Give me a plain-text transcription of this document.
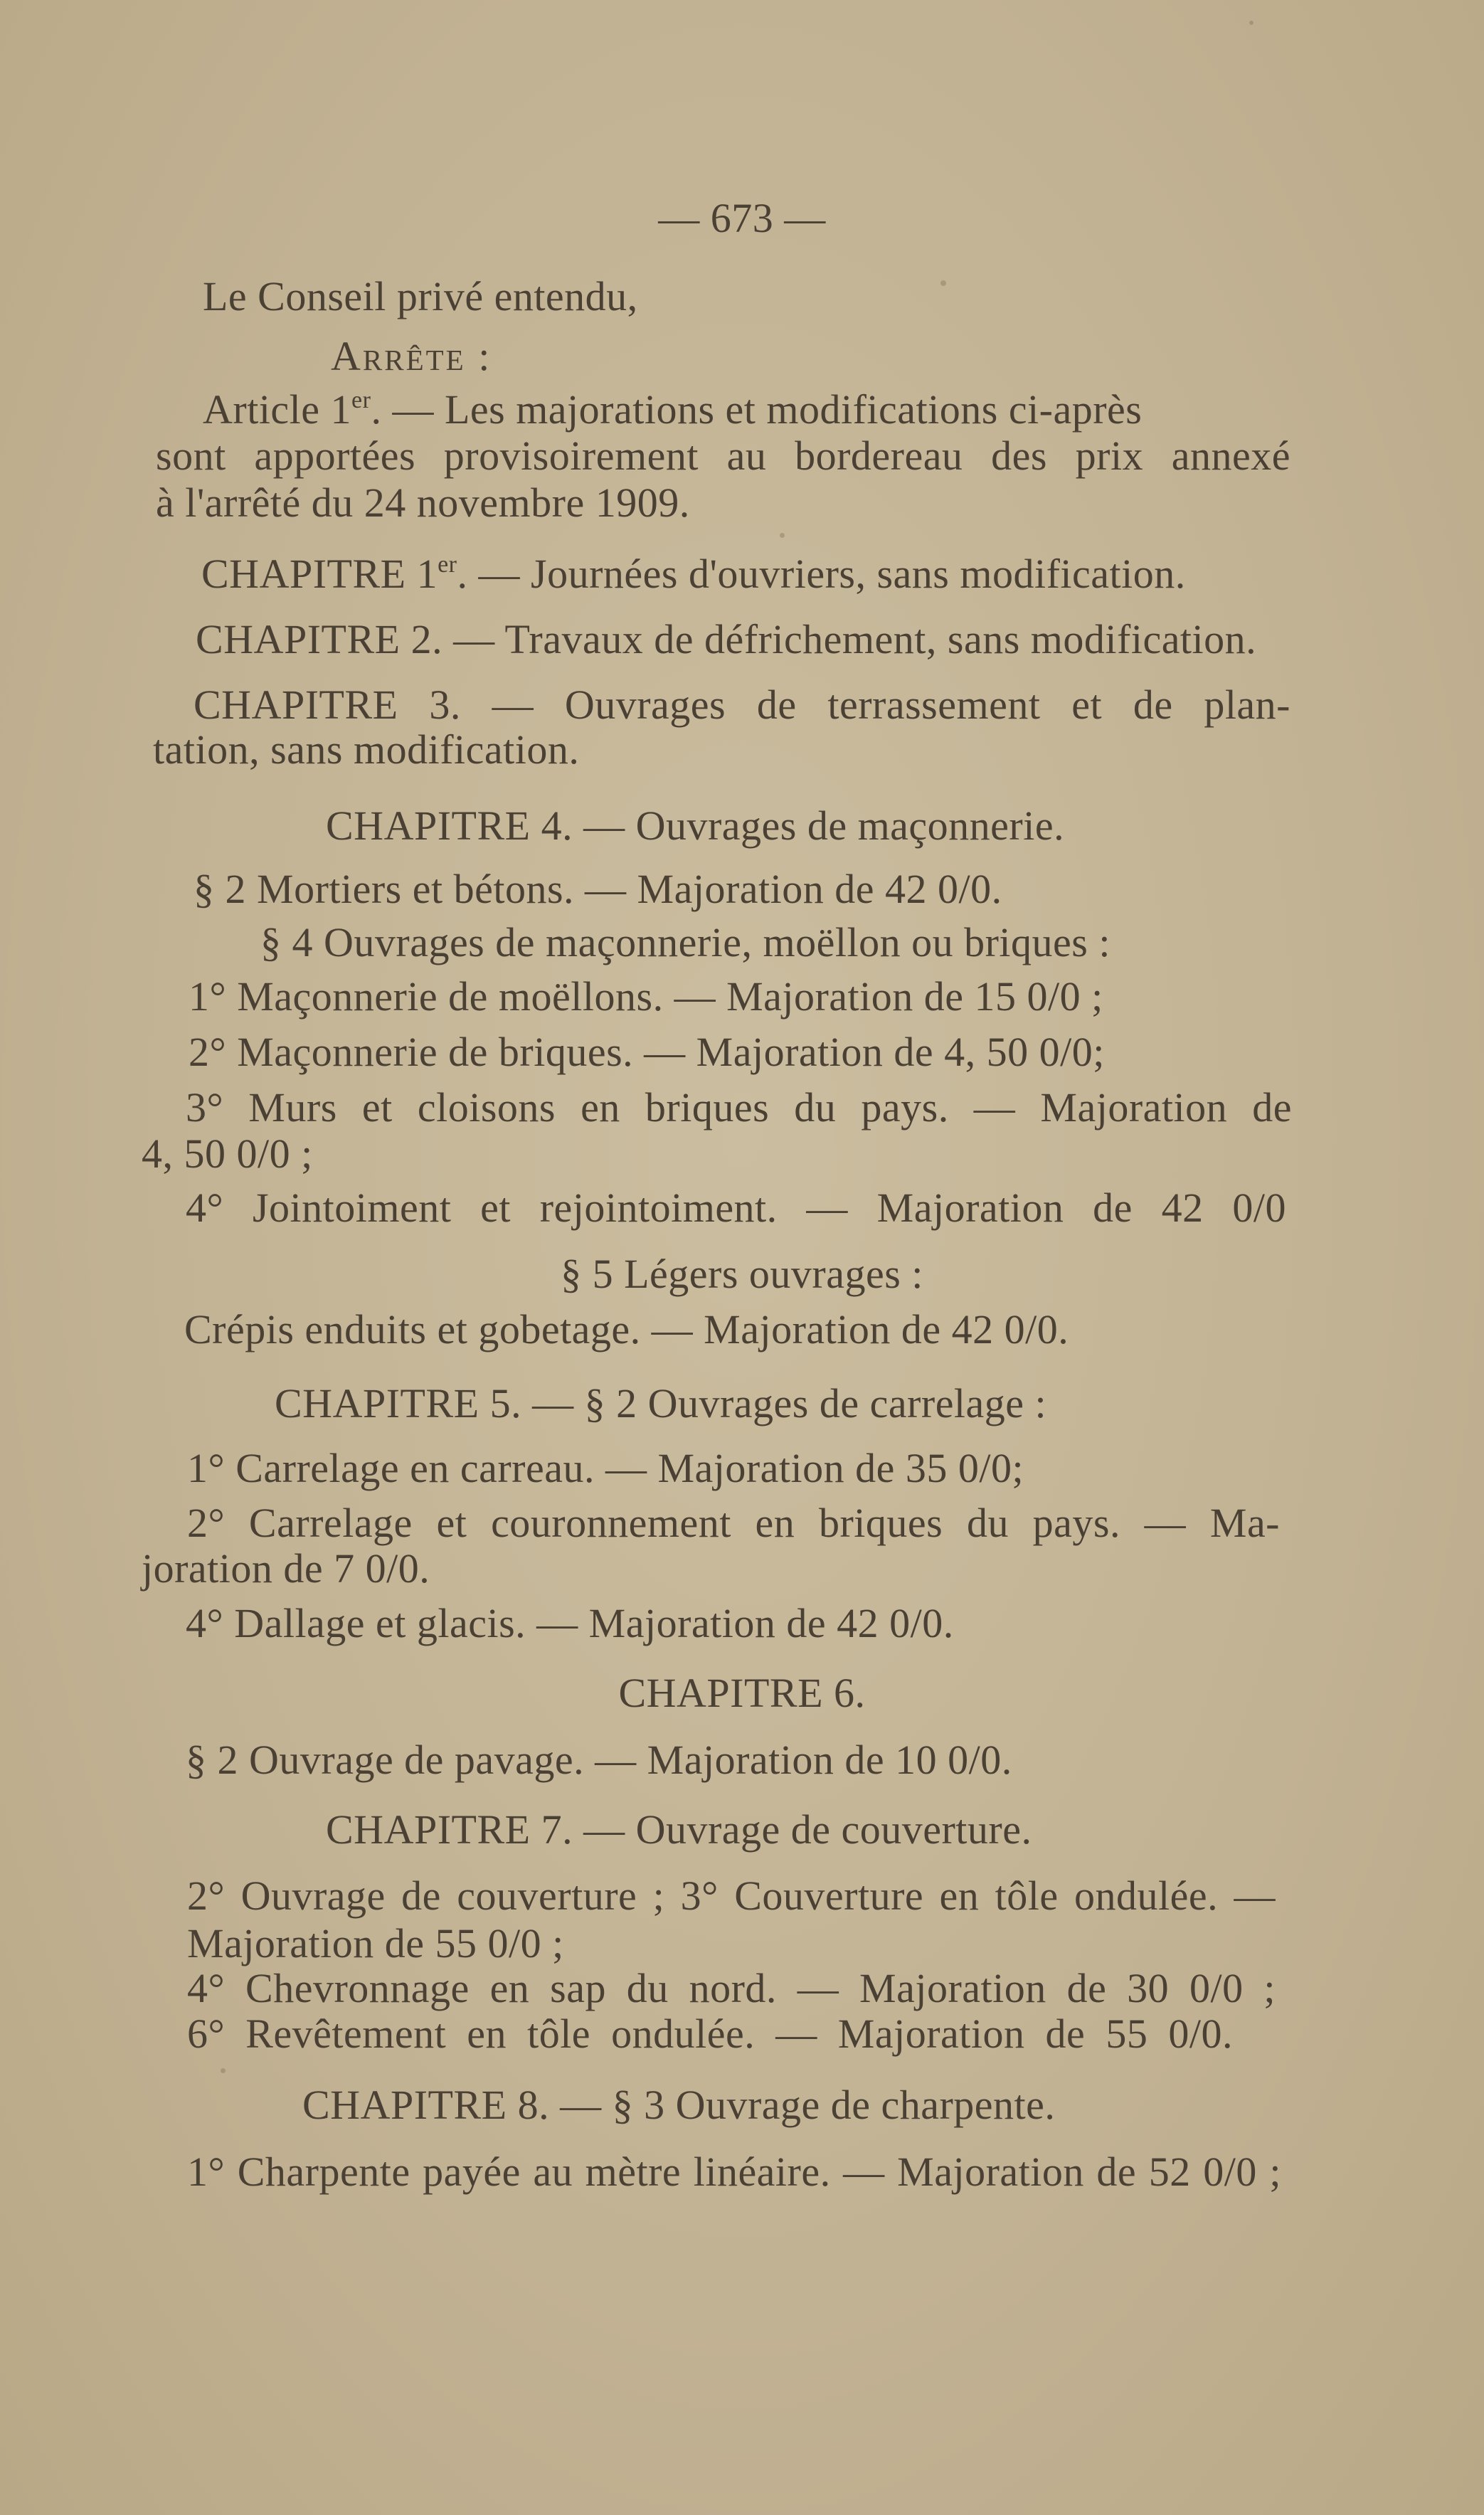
— 673 —
Le Conseil privé entendu,
Arrête :
Article 1er. — Les majorations et modifications ci-après
sont apportées provisoirement au bordereau des prix annexé
à l'arrêté du 24 novembre 1909.
CHAPITRE 1er. — Journées d'ouvriers, sans modification.
CHAPITRE 2. — Travaux de défrichement, sans modification.
CHAPITRE 3. — Ouvrages de terrassement et de plan-
tation, sans modification.
CHAPITRE 4. — Ouvrages de maçonnerie.
§ 2 Mortiers et bétons. — Majoration de 42 0/0.
§ 4 Ouvrages de maçonnerie, moëllon ou briques :
1° Maçonnerie de moëllons. — Majoration de 15 0/0 ;
2° Maçonnerie de briques. — Majoration de 4, 50 0/0;
3° Murs et cloisons en briques du pays. — Majoration de
4, 50 0/0 ;
4° Jointoiment et rejointoiment. — Majoration de 42 0/0
§ 5 Légers ouvrages :
Crépis enduits et gobetage. — Majoration de 42 0/0.
CHAPITRE 5. — § 2 Ouvrages de carrelage :
1° Carrelage en carreau. — Majoration de 35 0/0;
2° Carrelage et couronnement en briques du pays. — Ma-
joration de 7 0/0.
4° Dallage et glacis. — Majoration de 42 0/0.
CHAPITRE 6.
§ 2 Ouvrage de pavage. — Majoration de 10 0/0.
CHAPITRE 7. — Ouvrage de couverture.
2° Ouvrage de couverture ; 3° Couverture en tôle ondulée. —
Majoration de 55 0/0 ;
4° Chevronnage en sap du nord. — Majoration de 30 0/0 ;
6° Revêtement en tôle ondulée. — Majoration de 55 0/0.
CHAPITRE 8. — § 3 Ouvrage de charpente.
1° Charpente payée au mètre linéaire. — Majoration de 52 0/0 ;
